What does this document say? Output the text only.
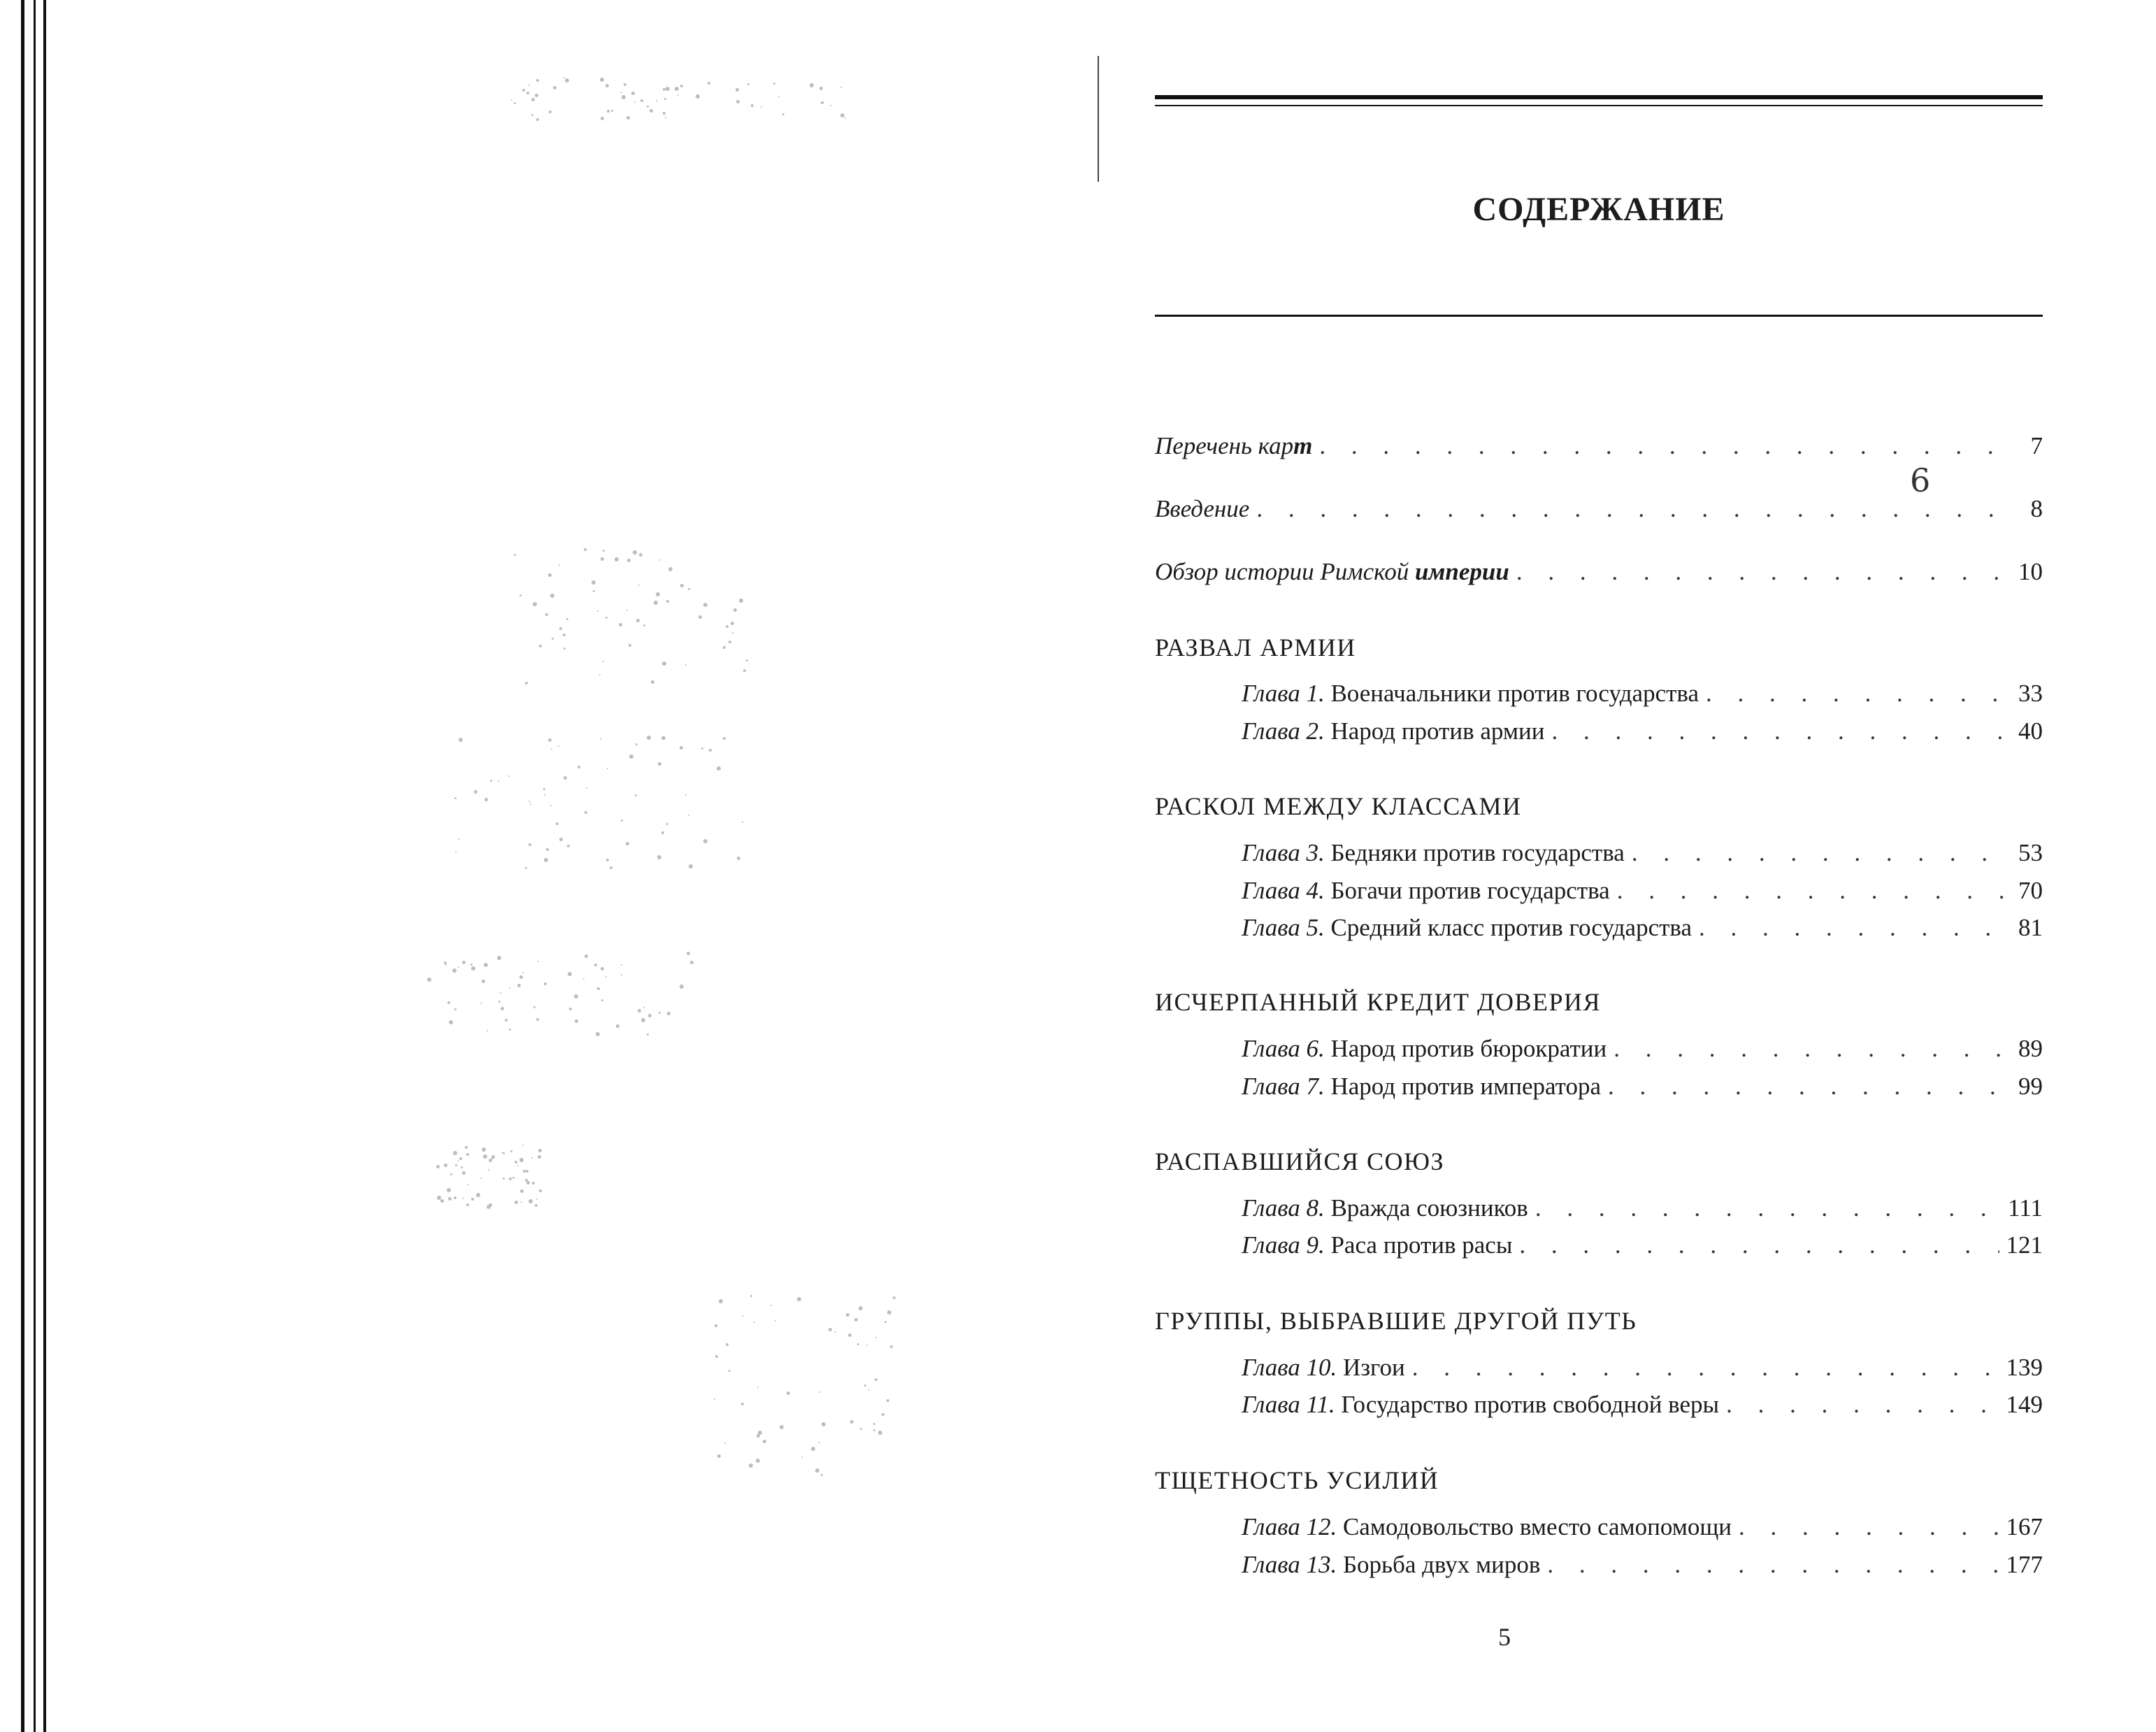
СОДЕРЖАНИЕ
Перечень карт . . .	7
Введение . . .	8
Обзор истории Римской империи . . .	10
6
РАЗВАЛ АРМИИ
Глава 1. Военачальники против государства . . .	33
Глава 2. Народ против армии . . .	40
РАСКОЛ МЕЖДУ КЛАССАМИ
Глава 3. Бедняки против государства . . .	53
Глава 4. Богачи против государства . . .	70
Глава 5. Средний класс против государства . . .	81
ИСЧЕРПАННЫЙ КРЕДИТ ДОВЕРИЯ
Глава 6. Народ против бюрократии . . .	89
Глава 7. Народ против императора . . .	99
РАСПАВШИЙСЯ СОЮЗ
Глава 8. Вражда союзников . . .	111
Глава 9. Раса против расы . . .	121
ГРУППЫ, ВЫБРАВШИЕ ДРУГОЙ ПУТЬ
Глава 10. Изгои . . .	139
Глава 11. Государство против свободной веры . . .	149
ТЩЕТНОСТЬ УСИЛИЙ
Глава 12. Самодовольство вместо самопомощи . . .	167
Глава 13. Борьба двух миров . . .	177
5
